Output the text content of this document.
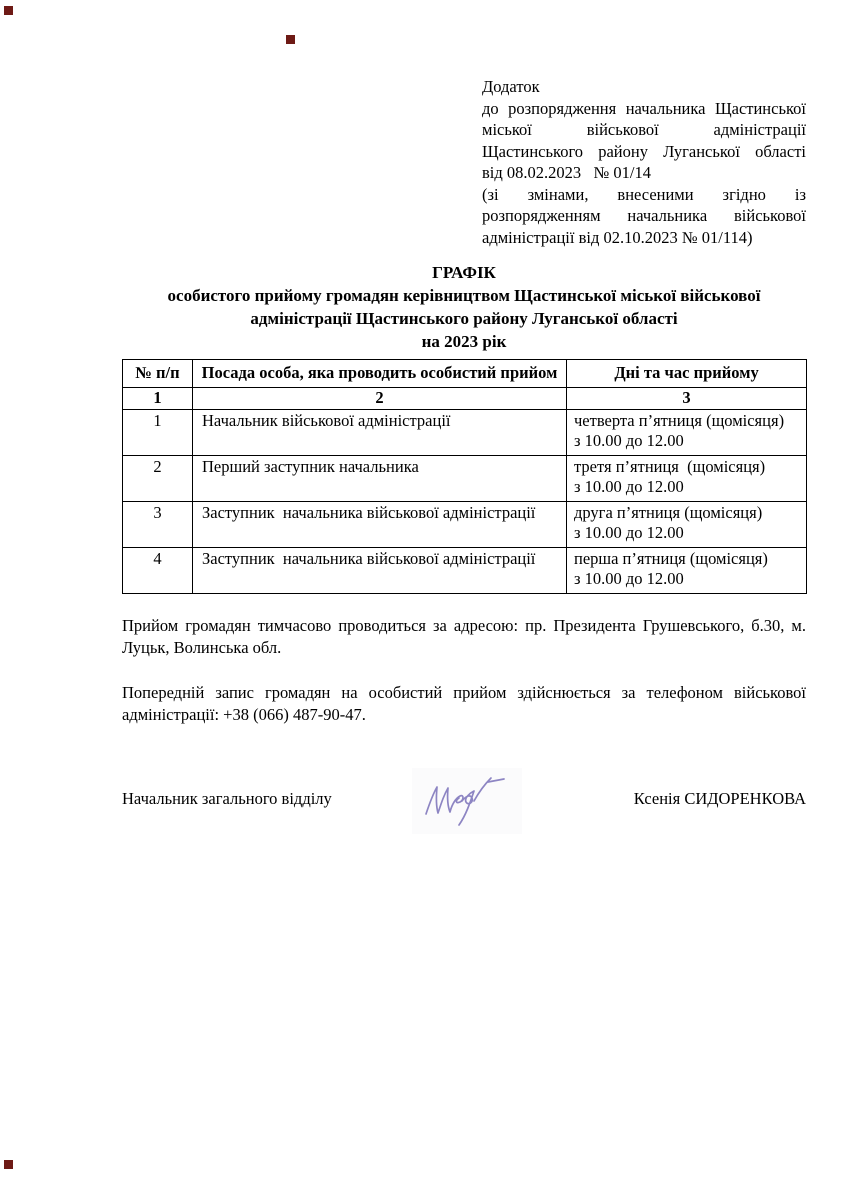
Додаток
до розпорядження начальника Щастинської
міської військової адміністрації
Щастинського району Луганської області
від 08.02.2023   № 01/14
(зі змінами, внесеними згідно із
розпорядженням начальника військової
адміністрації від 02.10.2023 № 01/114)
ГРАФІК
особистого прийому громадян керівництвом Щастинської міської військової
адміністрації Щастинського району Луганської області
на 2023 рік
№ п/п	Посада особа, яка проводить особистий прийом	Дні та час прийому
1	2	3
1	Начальник військової адміністрації	четверта п’ятниця (щомісяця)
з 10.00 до 12.00

2	Перший заступник начальника	третя п’ятниця  (щомісяця)
з 10.00 до 12.00

3	Заступник  начальника військової адміністрації	друга п’ятниця (щомісяця)
з 10.00 до 12.00

4	Заступник  начальника військової адміністрації	перша п’ятниця (щомісяця)
з 10.00 до 12.00

Прийом громадян тимчасово проводиться за адресою: пр. Президента Грушевського, б.30, м. Луцьк, Волинська обл.

Попередній запис громадян на особистий прийом здійснюється за телефоном військової адміністрації: +38 (066) 487-90-47.

Начальник загального відділу	Ксенія СИДОРЕНКОВА
